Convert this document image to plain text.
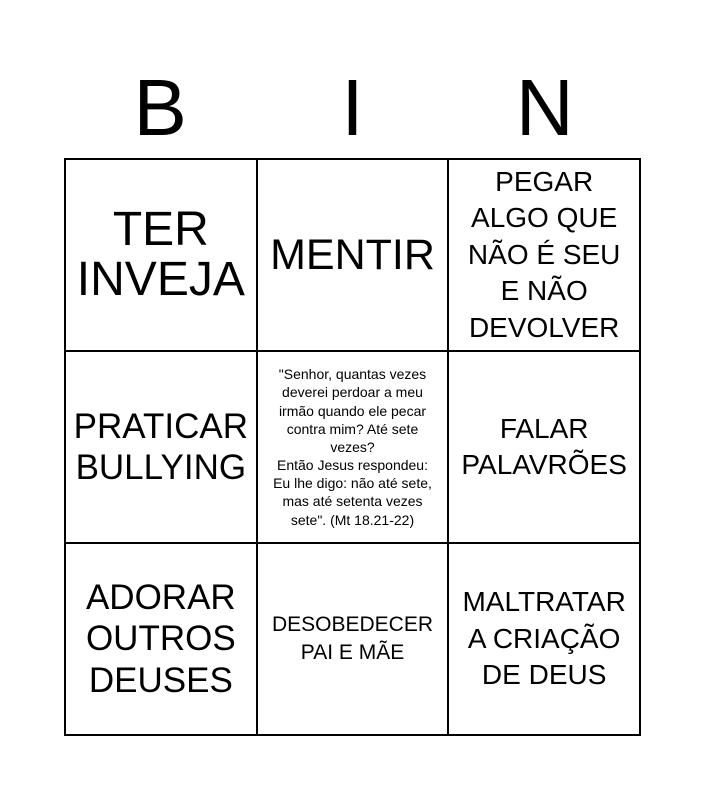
B	I	N
TER
INVEJA MENTIR
PEGAR
ALGO QUE
NÃO É SEU
E NÃO
DEVOLVER
PRATICAR
BULLYING
"Senhor, quantas vezes
deverei perdoar a meu
irmão quando ele pecar
contra mim? Até sete
vezes?
Então Jesus respondeu:
Eu lhe digo: não até sete,
mas até setenta vezes
sete". (Mt 18.21-22)
FALAR
PALAVRÕES
ADORAR
OUTROS
DEUSES
DESOBEDECER
PAI E MÃE
MALTRATAR
A CRIAÇÃO
DE DEUS
